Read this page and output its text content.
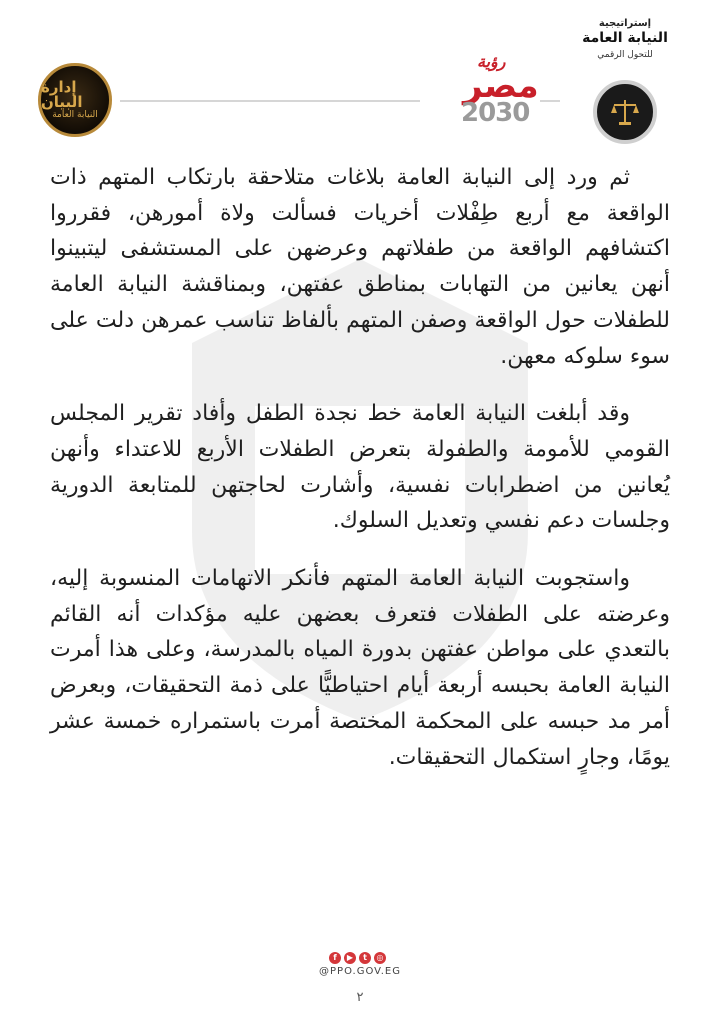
إدارة البيان
النيابة العامة
رؤية
مصر
2030
إستراتيجية
النيابة العامة
للتحول الرقمي

ثم ورد إلى النيابة العامة بلاغات متلاحقة بارتكاب المتهم ذات الواقعة مع أربع طِفْلات أخريات فسألت ولاة أمورهن، فقرروا اكتشافهم الواقعة من طفلاتهم وعرضهن على المستشفى ليتبينوا أنهن يعانين من التهابات بمناطق عفتهن، وبمناقشة النيابة العامة للطفلات حول الواقعة وصفن المتهم بألفاظ تناسب عمرهن دلت على سوء سلوكه معهن.

وقد أبلغت النيابة العامة خط نجدة الطفل وأفاد تقرير المجلس القومي للأمومة والطفولة بتعرض الطفلات الأربع للاعتداء وأنهن يُعانين من اضطرابات نفسية، وأشارت لحاجتهن للمتابعة الدورية وجلسات دعم نفسي وتعديل السلوك.

واستجوبت النيابة العامة المتهم فأنكر الاتهامات المنسوبة إليه، وعرضته على الطفلات فتعرف بعضهن عليه مؤكدات أنه القائم بالتعدي على مواطن عفتهن بدورة المياه بالمدرسة، وعلى هذا أمرت النيابة العامة بحبسه أربعة أيام احتياطيًّا على ذمة التحقيقات، وبعرض أمر مد حبسه على المحكمة المختصة أمرت باستمراره خمسة عشر يومًا، وجارٍ استكمال التحقيقات.

f	▶	t	◎
@PPO.GOV.EG
٢
